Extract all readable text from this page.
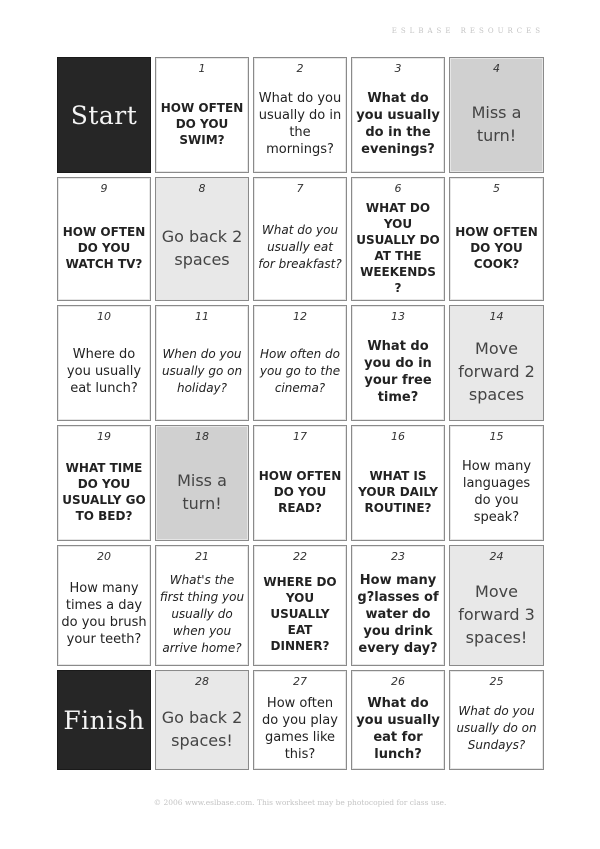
ESLBASE RESOURCES
Start
1
HOW OFTEN DO YOU SWIM?
2
What do you usually do in the mornings?
3
What do you usually do in the evenings?
4
Miss a turn!
9
HOW OFTEN DO YOU WATCH TV?
8
Go back 2 spaces
7
What do you usually eat for breakfast?
6
WHAT DO YOU USUALLY DO AT THE WEEKENDS ?
5
HOW OFTEN DO YOU COOK?
10
Where do you usually eat lunch?
11
When do you usually go on holiday?
12
How often do you go to the cinema?
13
What do you do in your free time?
14
Move forward 2 spaces
19
WHAT TIME DO YOU USUALLY GO TO BED?
18
Miss a turn!
17
HOW OFTEN DO YOU READ?
16
WHAT IS YOUR DAILY ROUTINE?
15
How many languages do you speak?
20
How many times a day do you brush your teeth?
21
What's the first thing you usually do when you arrive home?
22
WHERE DO YOU USUALLY EAT DINNER?
23
How many g?lasses of water do you drink every day?
24
Move forward 3 spaces!
Finish
28
Go back 2 spaces!
27
How often do you play games like this?
26
What do you usually eat for lunch?
25
What do you usually do on Sundays?
© 2006 www.eslbase.com. This worksheet may be photocopied for class use.
